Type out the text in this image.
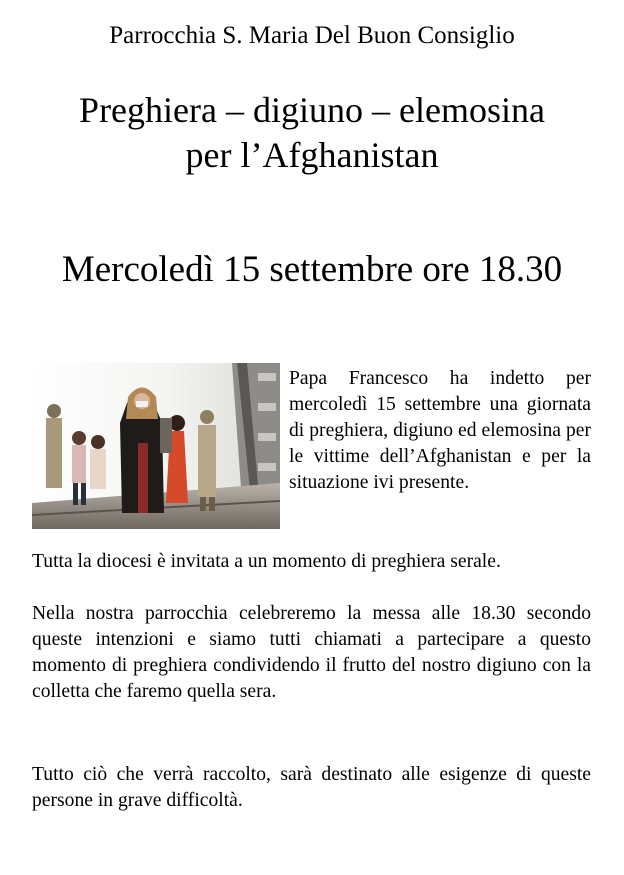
Parrocchia S. Maria Del Buon Consiglio
Preghiera – digiuno – elemosina
per l’Afghanistan
Mercoledì 15 settembre ore 18.30
Papa Francesco ha indetto per mercoledì 15 settembre una giornata di preghiera, digiuno ed elemosina per le vittime dell’Afghanistan e per la situazione ivi presente.
Tutta la diocesi è invitata a un momento di preghiera serale.
Nella nostra parrocchia celebreremo la messa alle 18.30 secondo queste intenzioni e siamo tutti chiamati a partecipare a questo momento di preghiera condividendo il frutto del nostro digiuno con la colletta che faremo quella sera.
Tutto ciò che verrà raccolto, sarà destinato alle esigenze di queste persone in grave difficoltà.
